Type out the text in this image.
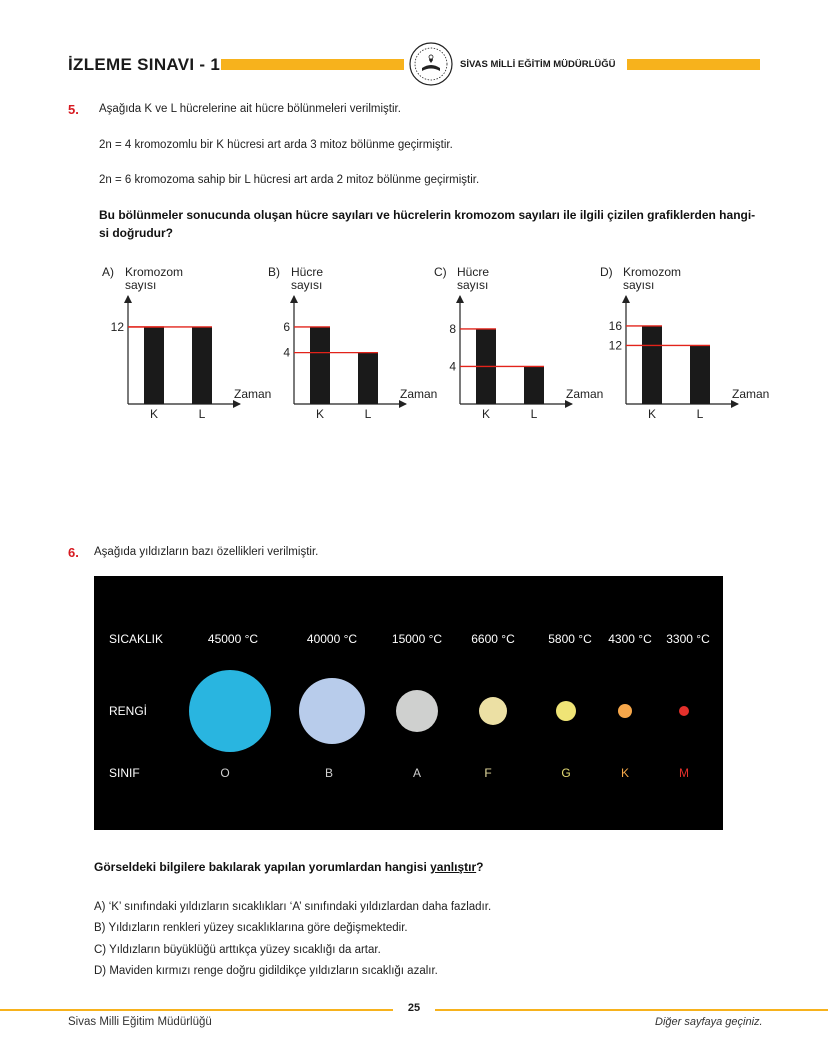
İZLEME SINAVI - 1	SİVAS MİLLİ EĞİTİM MÜDÜRLÜĞÜ
5. Aşağıda K ve L hücrelerine ait hücre bölünmeleri verilmiştir.
2n = 4 kromozomlu bir K hücresi art arda 3 mitoz bölünme geçirmiştir.
2n = 6 kromozoma sahip bir L hücresi art arda 2 mitoz bölünme geçirmiştir.
Bu bölünmeler sonucunda oluşan hücre sayıları ve hücrelerin kromozom sayıları ile ilgili çizilen grafiklerden hangi-
si doğrudur?
A) Kromozom
sayısı
Zaman
K	L
12
B) Hücre
sayısı
Zaman
K	L
6
4
C) Hücre
sayısı
Zaman
K	L
8
4
D) Kromozom
sayısı
Zaman
K	L
16
12
6. Aşağıda yıldızların bazı özellikleri verilmiştir.
SICAKLIK
RENGİ
SINIF
45000 °C	40000 °C	15000 °C	6600 °C	5800 °C	4300 °C	3300 °C
O	B	A	F	G	K	M
Görseldeki bilgilere bakılarak yapılan yorumlardan hangisi yanlıştır?
A) ‘K’ sınıfındaki yıldızların sıcaklıkları ‘A’ sınıfındaki yıldızlardan daha fazladır.
B) Yıldızların renkleri yüzey sıcaklıklarına göre değişmektedir.
C) Yıldızların büyüklüğü arttıkça yüzey sıcaklığı da artar.
D) Maviden kırmızı renge doğru gidildikçe yıldızların sıcaklığı azalır.
25
Sivas Milli Eğitim Müdürlüğü	Diğer sayfaya geçiniz.
